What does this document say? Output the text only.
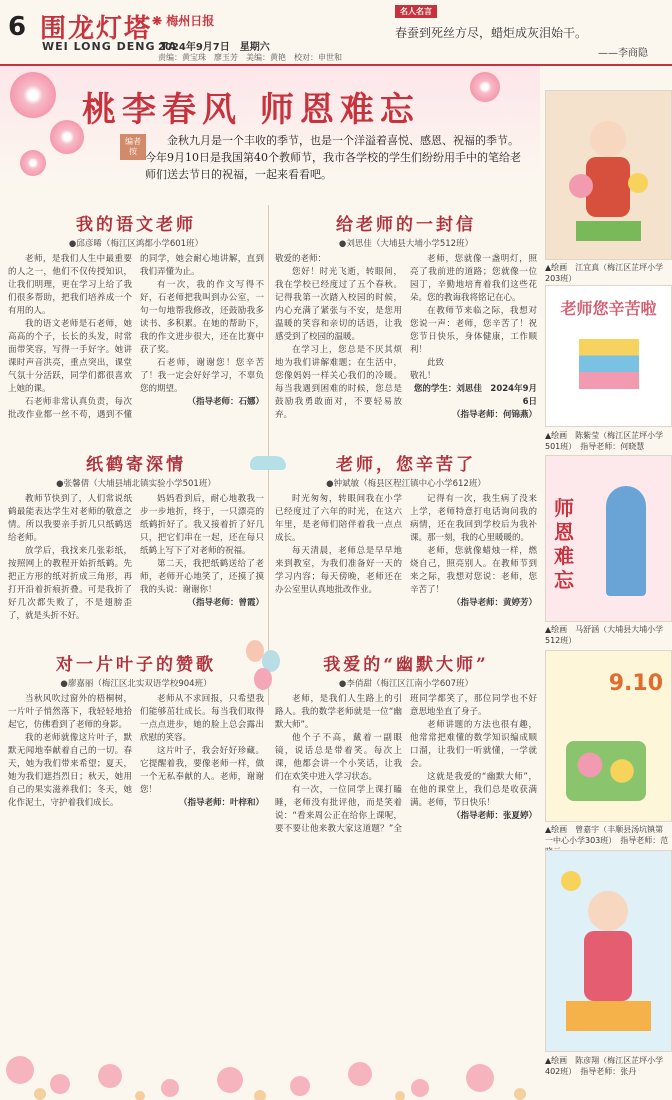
6 围龙灯塔
WEI LONG DENG TA
❋ 梅州日报
2024年9月7日　星期六
责编：黄宝珠　廖玉芳　美编：黄艳　校对：申世和
名人名言
春蚕到死丝方尽，蜡炬成灰泪始干。
——李商隐
桃李春风 师恩难忘
编者按
金秋九月是一个丰收的季节，也是一个洋溢着喜悦、感恩、祝福的季节。今年9月10日是我国第40个教师节，我市各学校的学生们纷纷用手中的笔给老师们送去节日的祝福，一起来看看吧。
我的语文老师
●邱彦晞（梅江区鸿都小学601班）

老师，是我们人生中最重要的人之一，他们不仅传授知识，让我们明理，更在学习上给了我们很多帮助，把我们培养成一个有用的人。

我的语文老师是石老师，她高高的个子，长长的头发，时常面带笑容，写得一手好字。她讲课时声音洪亮，重点突出，课堂气氛十分活跃，同学们都很喜欢上她的课。

石老师非常认真负责，每次批改作业都一丝不苟，遇到不懂的同学，她会耐心地讲解，直到我们弄懂为止。

有一次，我的作文写得不好，石老师把我叫到办公室，一句一句地帮我修改，还鼓励我多读书、多积累。在她的帮助下，我的作文进步很大，还在比赛中获了奖。

石老师，谢谢您！您辛苦了！我一定会好好学习，不辜负您的期望。

（指导老师：石娜）
给老师的一封信
●刘思佳（大埔县大埔小学512班）

敬爱的老师：

您好！时光飞逝，转眼间，我在学校已经度过了五个春秋。记得我第一次踏入校园的时候，内心充满了紧张与不安，是您用温暖的笑容和亲切的话语，让我感受到了校园的温暖。

在学习上，您总是不厌其烦地为我们讲解难题；在生活中，您像妈妈一样关心我们的冷暖。每当我遇到困难的时候，您总是鼓励我勇敢面对，不要轻易放弃。

老师，您就像一盏明灯，照亮了我前进的道路；您就像一位园丁，辛勤地培育着我们这些花朵。您的教诲我将铭记在心。

在教师节来临之际，我想对您说一声：老师，您辛苦了！祝您节日快乐，身体健康，工作顺利！

此致

敬礼！

您的学生：刘思佳　2024年9月6日
（指导老师：何锦燕）
纸鹤寄深情
●张馨倩（大埔县埔北镇实验小学501班）

教师节快到了，人们常说纸鹤最能表达学生对老师的敬意之情。所以我要亲手折几只纸鹤送给老师。

放学后，我找来几张彩纸，按照网上的教程开始折纸鹤。先把正方形的纸对折成三角形，再打开沿着折痕折叠。可是我折了好几次都失败了，不是翅膀歪了，就是头折不好。

妈妈看到后，耐心地教我一步一步地折，终于，一只漂亮的纸鹤折好了。我又接着折了好几只，把它们串在一起，还在每只纸鹤上写下了对老师的祝福。

第二天，我把纸鹤送给了老师，老师开心地笑了，还摸了摸我的头说：谢谢你！

（指导老师：曾霞）
老师，您辛苦了
●钟斌敏（梅县区程江镇中心小学612班）

时光匆匆，转眼间我在小学已经度过了六年的时光，在这六年里，是老师们陪伴着我一点点成长。

每天清晨，老师总是早早地来到教室，为我们准备好一天的学习内容；每天傍晚，老师还在办公室里认真地批改作业。

记得有一次，我生病了没来上学，老师特意打电话询问我的病情，还在我回到学校后为我补课。那一刻，我的心里暖暖的。

老师，您就像蜡烛一样，燃烧自己，照亮别人。在教师节到来之际，我想对您说：老师，您辛苦了！

（指导老师：黄婷芳）
对一片叶子的赞歌
●廖嘉丽（梅江区北实双语学校904班）

当秋风吹过窗外的梧桐树，一片叶子悄然落下，我轻轻地拾起它，仿佛看到了老师的身影。

我的老师就像这片叶子，默默无闻地奉献着自己的一切。春天，她为我们带来希望；夏天，她为我们遮挡烈日；秋天，她用自己的果实滋养我们；冬天，她化作泥土，守护着我们成长。

老师从不求回报，只希望我们能够茁壮成长。每当我们取得一点点进步，她的脸上总会露出欣慰的笑容。

这片叶子，我会好好珍藏。它提醒着我，要像老师一样，做一个无私奉献的人。老师，谢谢您！

（指导老师：叶梓和）
我爱的“幽默大师”
●李俏甜（梅江区江南小学607班）

老师，是我们人生路上的引路人。我的数学老师就是一位“幽默大师”。

他个子不高，戴着一副眼镜，说话总是带着笑。每次上课，他都会讲一个小笑话，让我们在欢笑中进入学习状态。

有一次，一位同学上课打瞌睡，老师没有批评他，而是笑着说：“看来周公正在给你上课呢，要不要让他来教大家这道题？”全班同学都笑了，那位同学也不好意思地坐直了身子。

老师讲题的方法也很有趣，他常常把难懂的数学知识编成顺口溜，让我们一听就懂，一学就会。

这就是我爱的“幽默大师”，在他的课堂上，我们总是收获满满。老师，节日快乐！

（指导老师：张夏婷）
▲绘画　江宜真（梅江区芷坪小学203班）
老师您辛苦啦
▲绘画　陈紫莹（梅江区芷坪小学501班）　指导老师：何晓慧
师恩难忘
▲绘画　马舒涵（大埔县大埔小学512班）
9.10
▲绘画　曾嘉宇（丰顺县汤坑镇第一中心小学303班）　指导老师：范
▲绘画　陈彦翔（梅江区芷坪小学402班）　指导老师：张丹
